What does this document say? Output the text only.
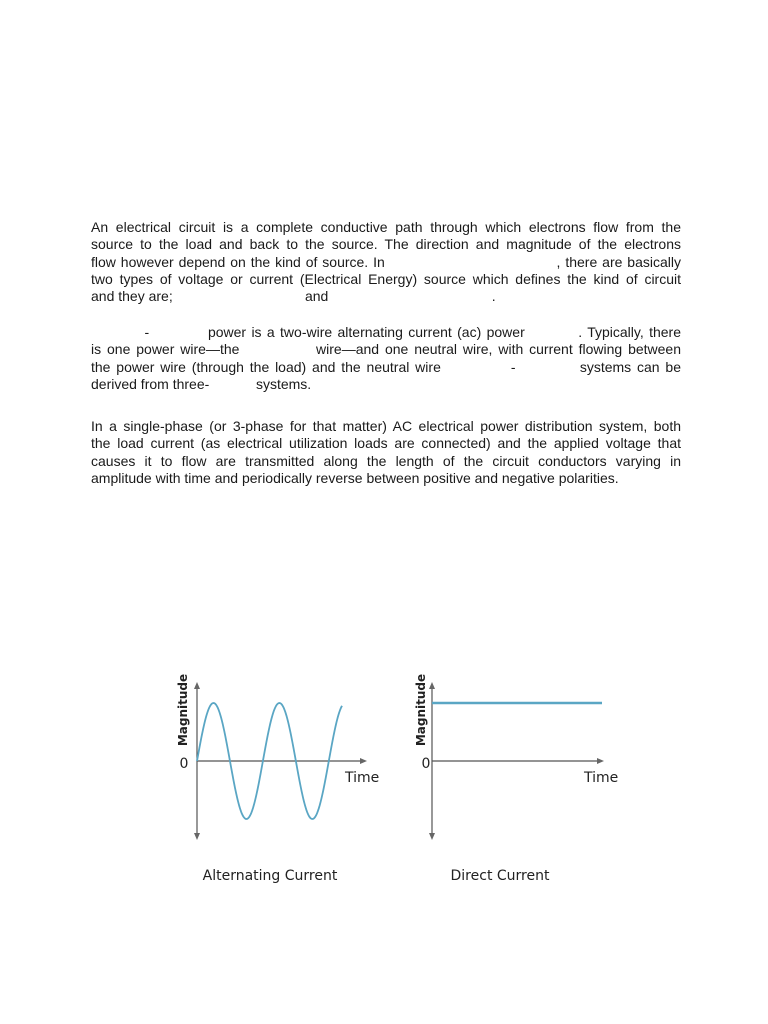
An electrical circuit is a complete conductive path through which electrons flow from the
source to the load and back to the source. The direction and magnitude of the electrons
flow however depend on the kind of source. In                                   , there are basically
two types of voltage or current (Electrical Energy) source which defines the kind of circuit
and they are;                                  and                                          .

-           power is a two-wire alternating current (ac) power          . Typically, there
is one power wire—the             wire—and one neutral wire, with current flowing between
the power wire (through the load) and the neutral wire            -           systems can be
derived from three-            systems.

In a single-phase (or 3-phase for that matter) AC electrical power distribution system, both
the load current (as electrical utilization loads are connected) and the applied voltage that
causes it to flow are transmitted along the length of the circuit conductors varying in
amplitude with time and periodically reverse between positive and negative polarities.

Magnitude
0
Time
Alternating Current
Magnitude
0
Time
Direct Current
